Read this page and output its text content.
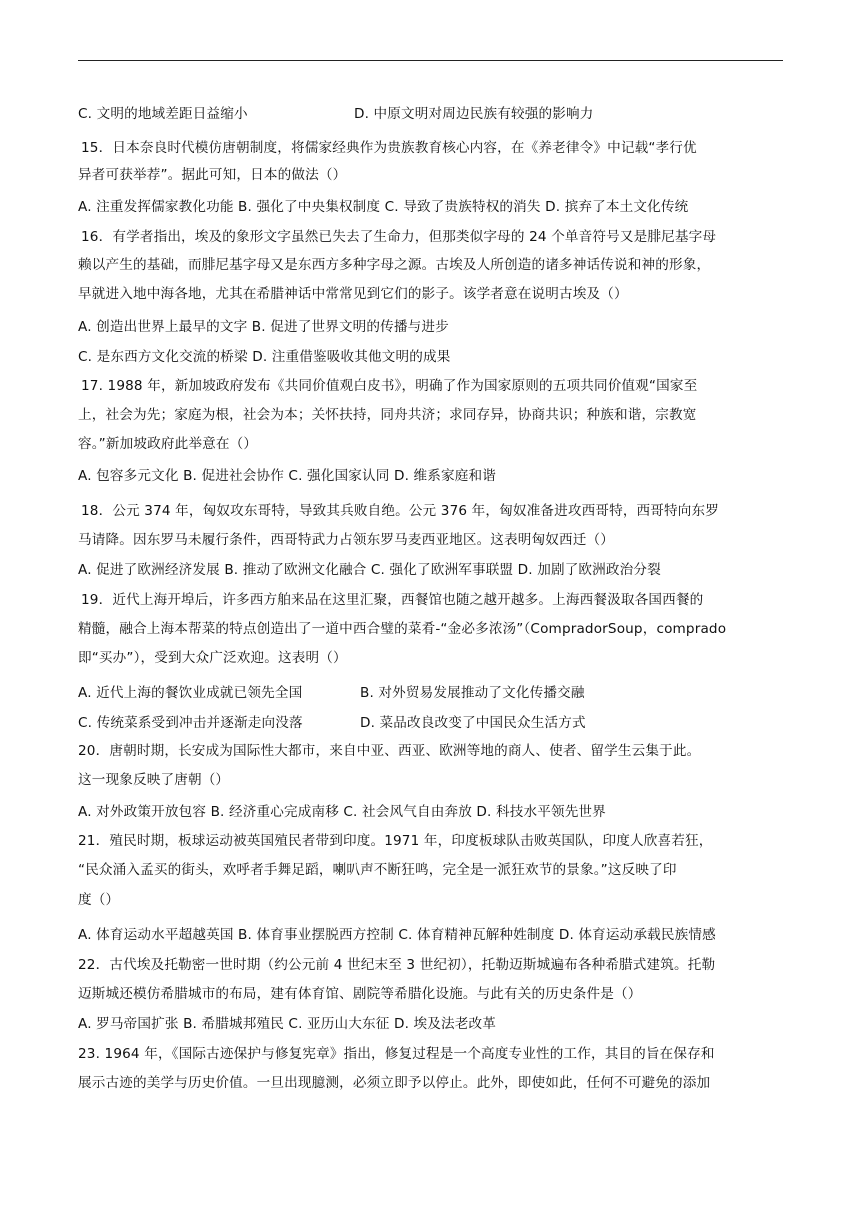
C. 文明的地域差距日益缩小	D. 中原文明对周边民族有较强的影响力
15．日本奈良时代模仿唐朝制度，将儒家经典作为贵族教育核心内容，在《养老律令》中记载“孝行优
异者可获举荐”。据此可知，日本的做法（）
A. 注重发挥儒家教化功能 B. 强化了中央集权制度 C. 导致了贵族特权的消失 D. 摈弃了本土文化传统
16．有学者指出，埃及的象形文字虽然已失去了生命力，但那类似字母的 24 个单音符号又是腓尼基字母
赖以产生的基础，而腓尼基字母又是东西方多种字母之源。古埃及人所创造的诸多神话传说和神的形象，
早就进入地中海各地，尤其在希腊神话中常常见到它们的影子。该学者意在说明古埃及（）
A. 创造出世界上最早的文字 B. 促进了世界文明的传播与进步
C. 是东西方文化交流的桥梁 D. 注重借鉴吸收其他文明的成果
17. 1988 年，新加坡政府发布《共同价值观白皮书》，明确了作为国家原则的五项共同价值观“国家至
上，社会为先；家庭为根，社会为本；关怀扶持，同舟共济；求同存异，协商共识；种族和谐，宗教宽
容。”新加坡政府此举意在（）
A. 包容多元文化 B. 促进社会协作 C. 强化国家认同 D. 维系家庭和谐
18．公元 374 年，匈奴攻东哥特，导致其兵败自绝。公元 376 年，匈奴准备进攻西哥特，西哥特向东罗
马请降。因东罗马未履行条件，西哥特武力占领东罗马麦西亚地区。这表明匈奴西迁（）
A. 促进了欧洲经济发展 B. 推动了欧洲文化融合 C. 强化了欧洲军事联盟 D. 加剧了欧洲政治分裂
19．近代上海开埠后，许多西方舶来品在这里汇聚，西餐馆也随之越开越多。上海西餐汲取各国西餐的
精髓，融合上海本帮菜的特点创造出了一道中西合璧的菜肴-“金必多浓汤”（CompradorSoup，comprado
即“买办”），受到大众广泛欢迎。这表明（）
A. 近代上海的餐饮业成就已领先全国	B. 对外贸易发展推动了文化传播交融
C. 传统菜系受到冲击并逐渐走向没落	D. 菜品改良改变了中国民众生活方式
20．唐朝时期，长安成为国际性大都市，来自中亚、西亚、欧洲等地的商人、使者、留学生云集于此。
这一现象反映了唐朝（）
A. 对外政策开放包容 B. 经济重心完成南移 C. 社会风气自由奔放 D. 科技水平领先世界
21．殖民时期，板球运动被英国殖民者带到印度。1971 年，印度板球队击败英国队，印度人欣喜若狂，
“民众涌入孟买的街头，欢呼者手舞足蹈，喇叭声不断狂鸣，完全是一派狂欢节的景象。”这反映了印
度（）
A. 体育运动水平超越英国 B. 体育事业摆脱西方控制 C. 体育精神瓦解种姓制度 D. 体育运动承载民族情感
22．古代埃及托勒密一世时期（约公元前 4 世纪末至 3 世纪初），托勒迈斯城遍布各种希腊式建筑。托勒
迈斯城还模仿希腊城市的布局，建有体育馆、剧院等希腊化设施。与此有关的历史条件是（）
A. 罗马帝国扩张 B. 希腊城邦殖民 C. 亚历山大东征 D. 埃及法老改革
23. 1964 年，《国际古迹保护与修复宪章》指出，修复过程是一个高度专业性的工作，其目的旨在保存和
展示古迹的美学与历史价值。一旦出现臆测，必须立即予以停止。此外，即使如此，任何不可避免的添加
